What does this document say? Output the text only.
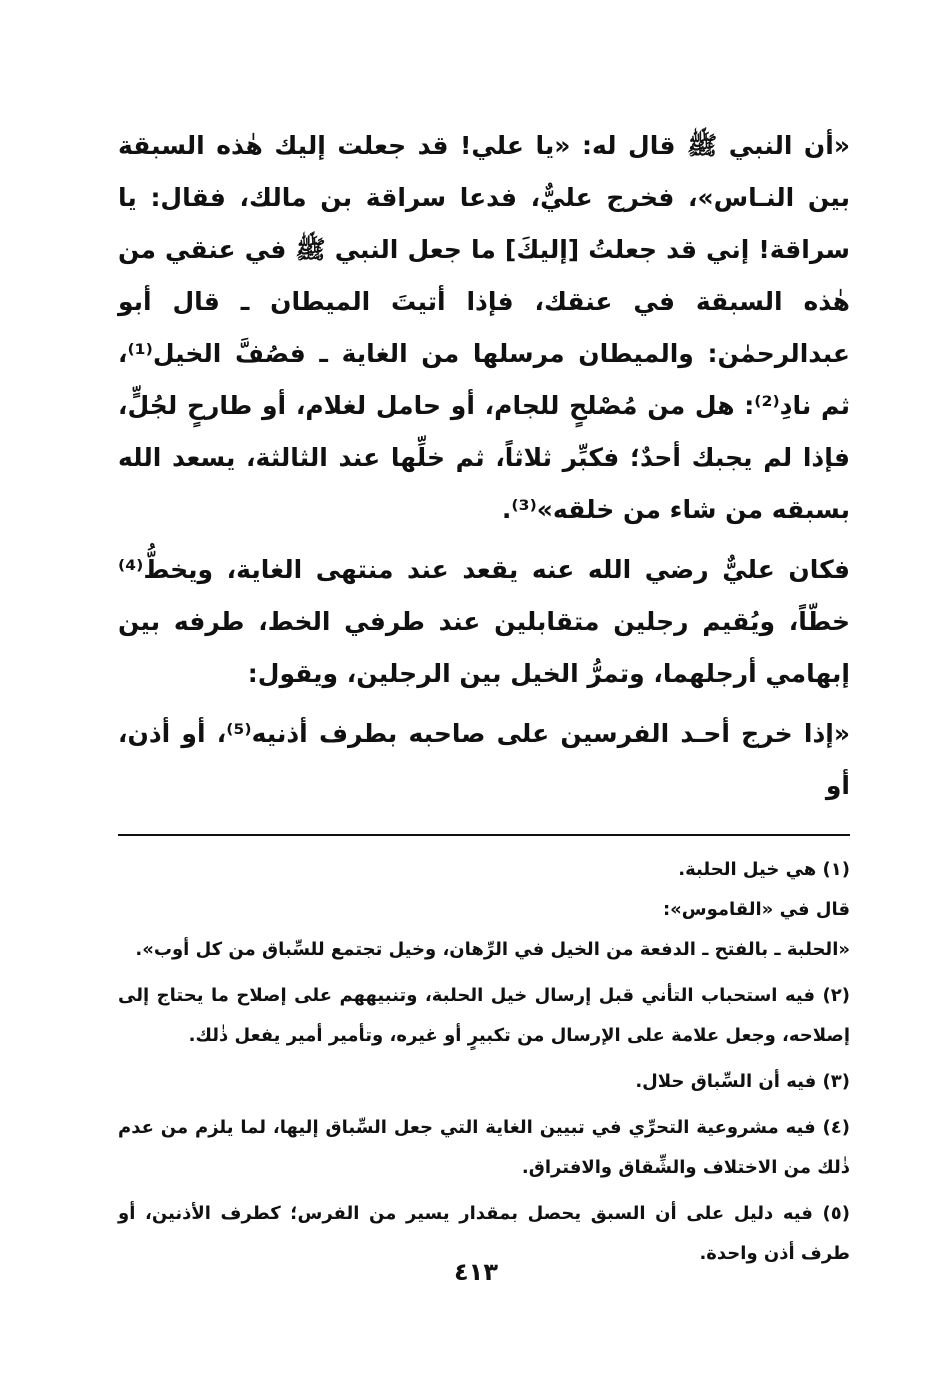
«أن النبي ﷺ قال له: «يا علي! قد جعلت إليك هٰذه السبقة بين النـاس»، فخرج عليٌّ، فدعا سراقة بن مالك، فقال: يا سراقة! إني قد جعلتُ [إليكَ] ما جعل النبي ﷺ في عنقي من هٰذه السبقة في عنقك، فإذا أتيتَ الميطان ـ قال أبو عبدالرحمٰن: والميطان مرسلها من الغاية ـ فصُفَّ الخيل⁽¹⁾، ثم نادِ⁽²⁾: هل من مُصْلحٍ للجام، أو حامل لغلام، أو طارحٍ لجُلٍّ، فإذا لم يجبك أحدٌ؛ فكبِّر ثلاثاً، ثم خلِّها عند الثالثة، يسعد الله بسبقه من شاء من خلقه»⁽³⁾.

فكان عليٌّ رضي الله عنه يقعد عند منتهى الغاية، ويخطُّ⁽⁴⁾ خطّاً، ويُقيم رجلين متقابلين عند طرفي الخط، طرفه بين إبهامي أرجلهما، وتمرُّ الخيل بين الرجلين، ويقول:

«إذا خرج أحـد الفرسين على صاحبه بطرف أذنيه⁽⁵⁾، أو أذن، أو

(١) هي خيل الحلبة.

قال في «القاموس»:

«الحلبة ـ بالفتح ـ الدفعة من الخيل في الرِّهان، وخيل تجتمع للسِّباق من كل أوب».

(٢) فيه استحباب التأني قبل إرسال خيل الحلبة، وتنبيههم على إصلاح ما يحتاج إلى إصلاحه، وجعل علامة على الإرسال من تكبيرٍ أو غيره، وتأمير أمير يفعل ذٰلك.

(٣) فيه أن السِّباق حلال.

(٤) فيه مشروعية التحرِّي في تبيين الغاية التي جعل السِّباق إليها، لما يلزم من عدم ذٰلك من الاختلاف والشِّقاق والافتراق.

(٥) فيه دليل على أن السبق يحصل بمقدار يسير من الفرس؛ كطرف الأذنين، أو طرف أذن واحدة.

٤١٣
